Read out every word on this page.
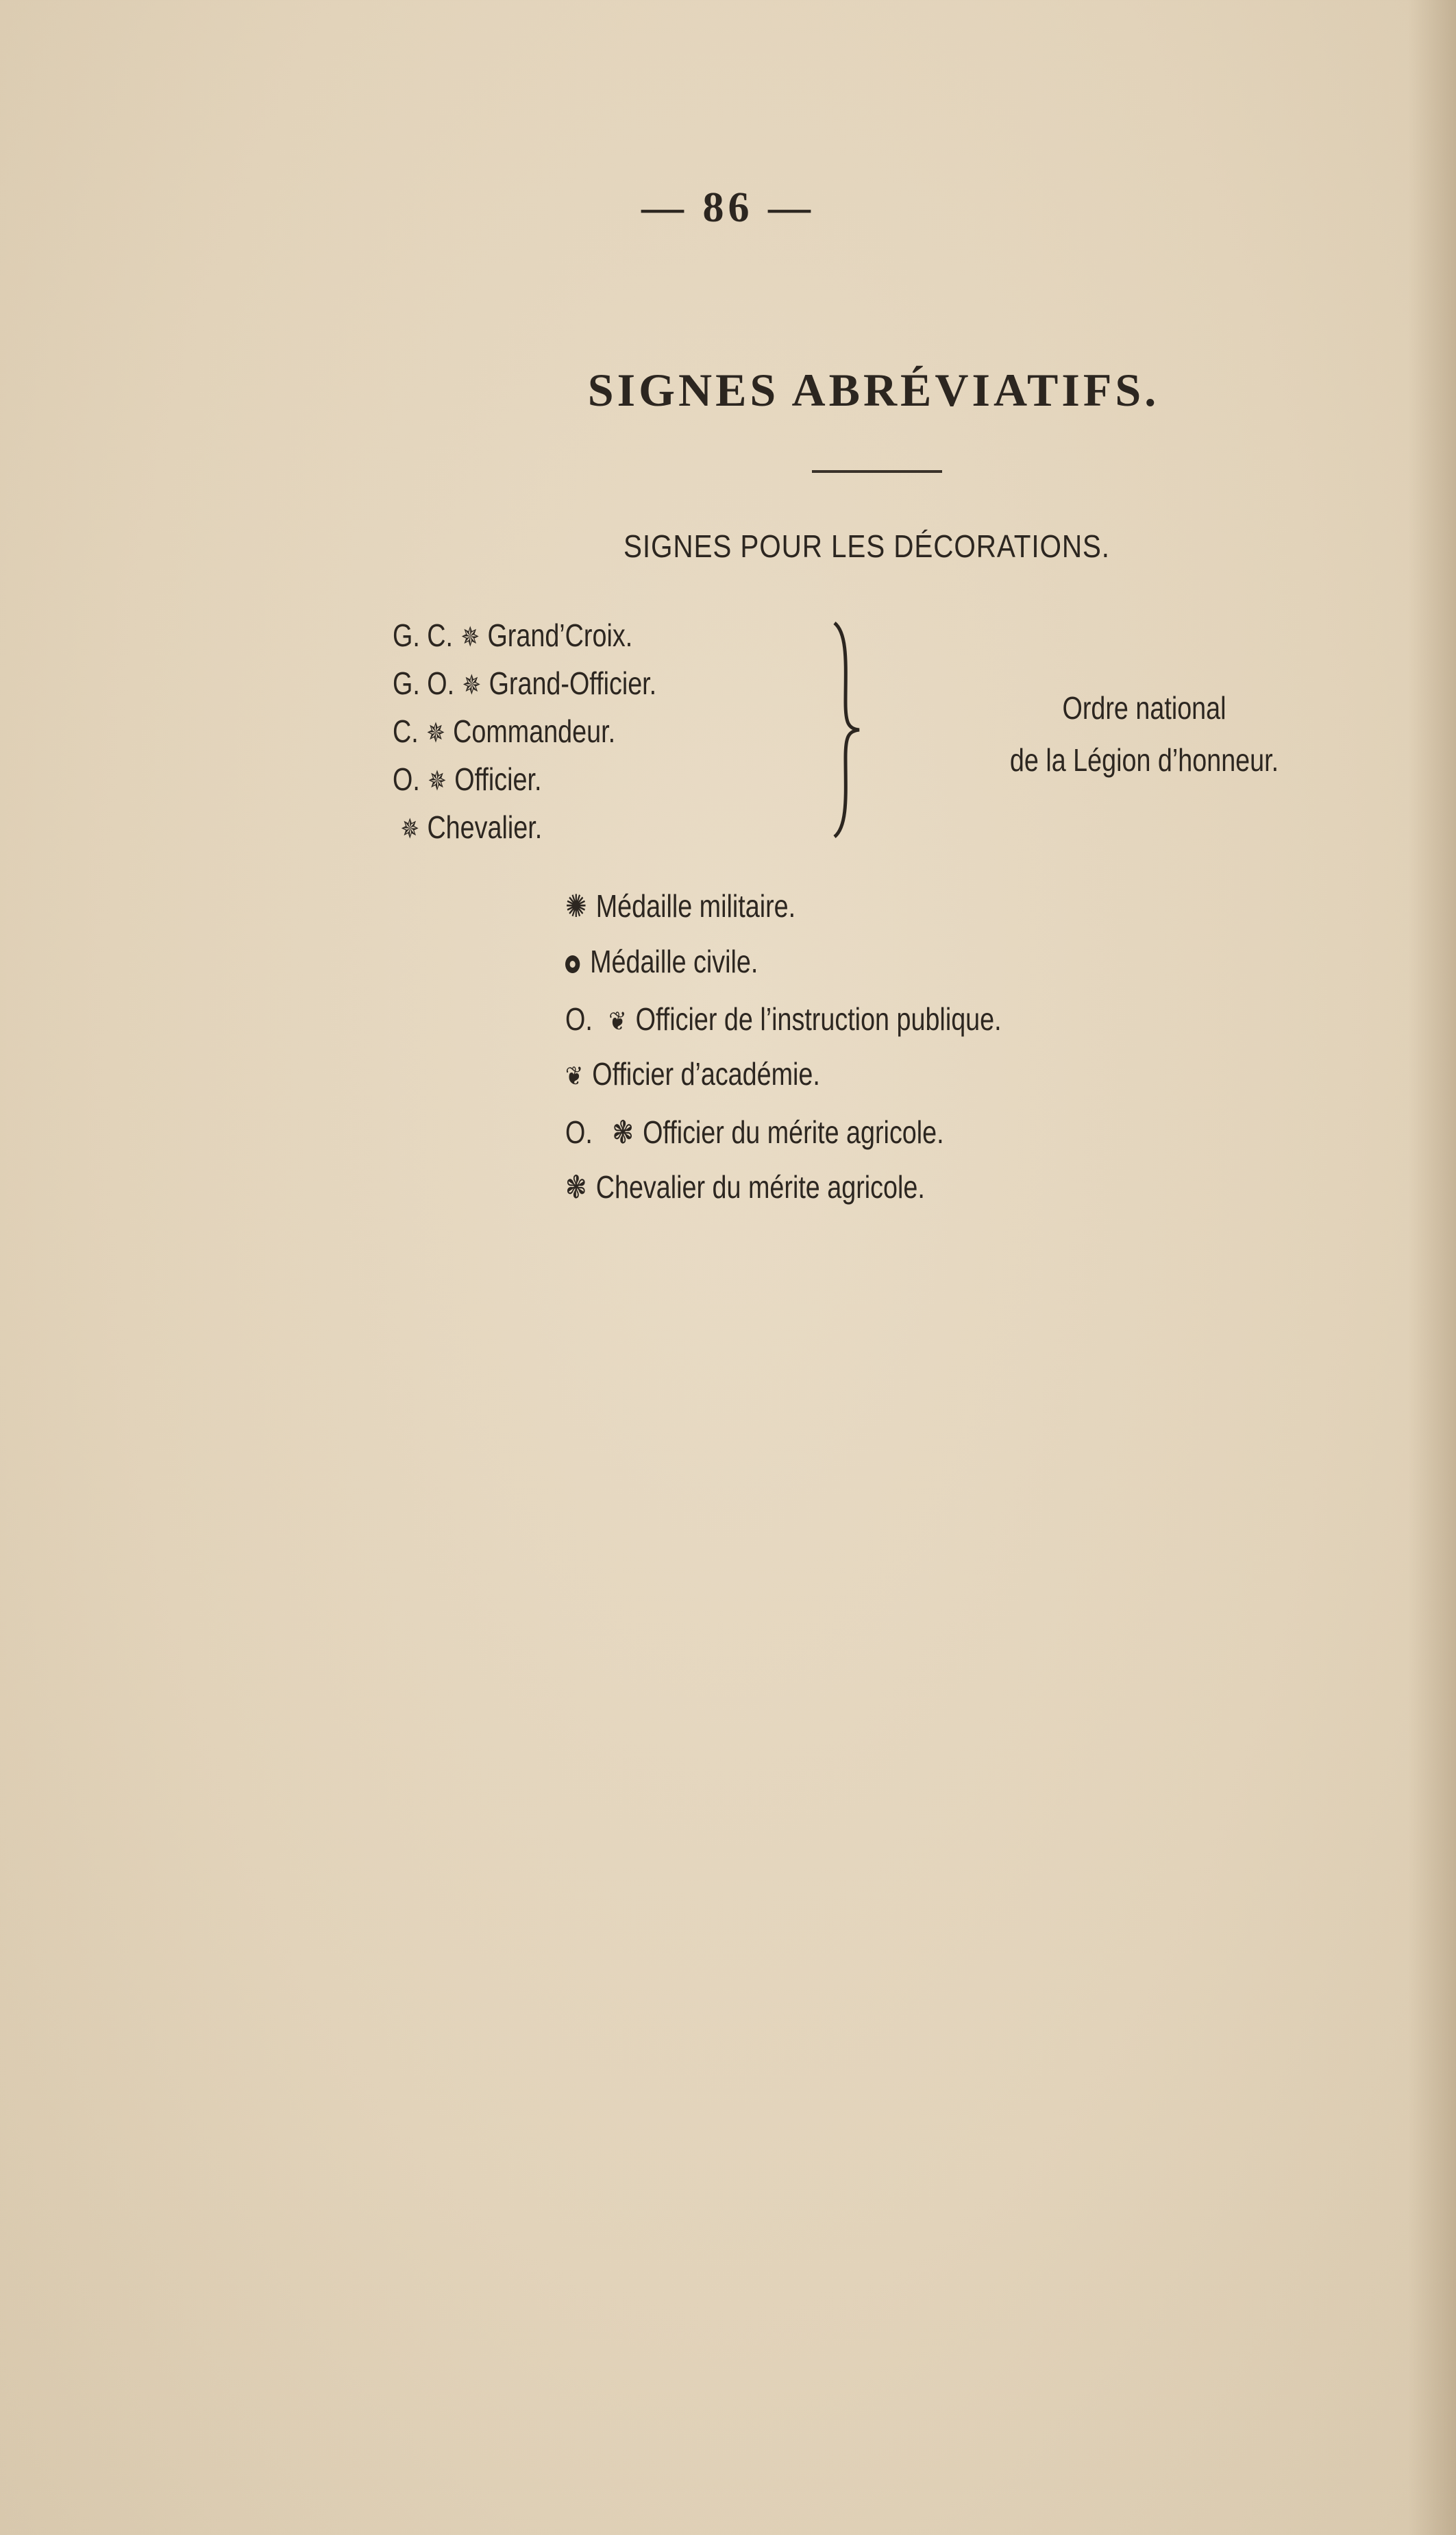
— 86 —
SIGNES ABRÉVIATIFS.
SIGNES POUR LES DÉCORATIONS.
G. C. ✵ Grand’Croix.
G. O. ✵ Grand-Officier.
C. ✵ Commandeur.
O. ✵ Officier.
✵ Chevalier.
Ordre national
de la Légion d’honneur.
✺ Médaille militaire.
Médaille civile.
O. ❦ Officier de l’instruction publique.
❦ Officier d’académie.
O. ❃ Officier du mérite agricole.
❃ Chevalier du mérite agricole.
